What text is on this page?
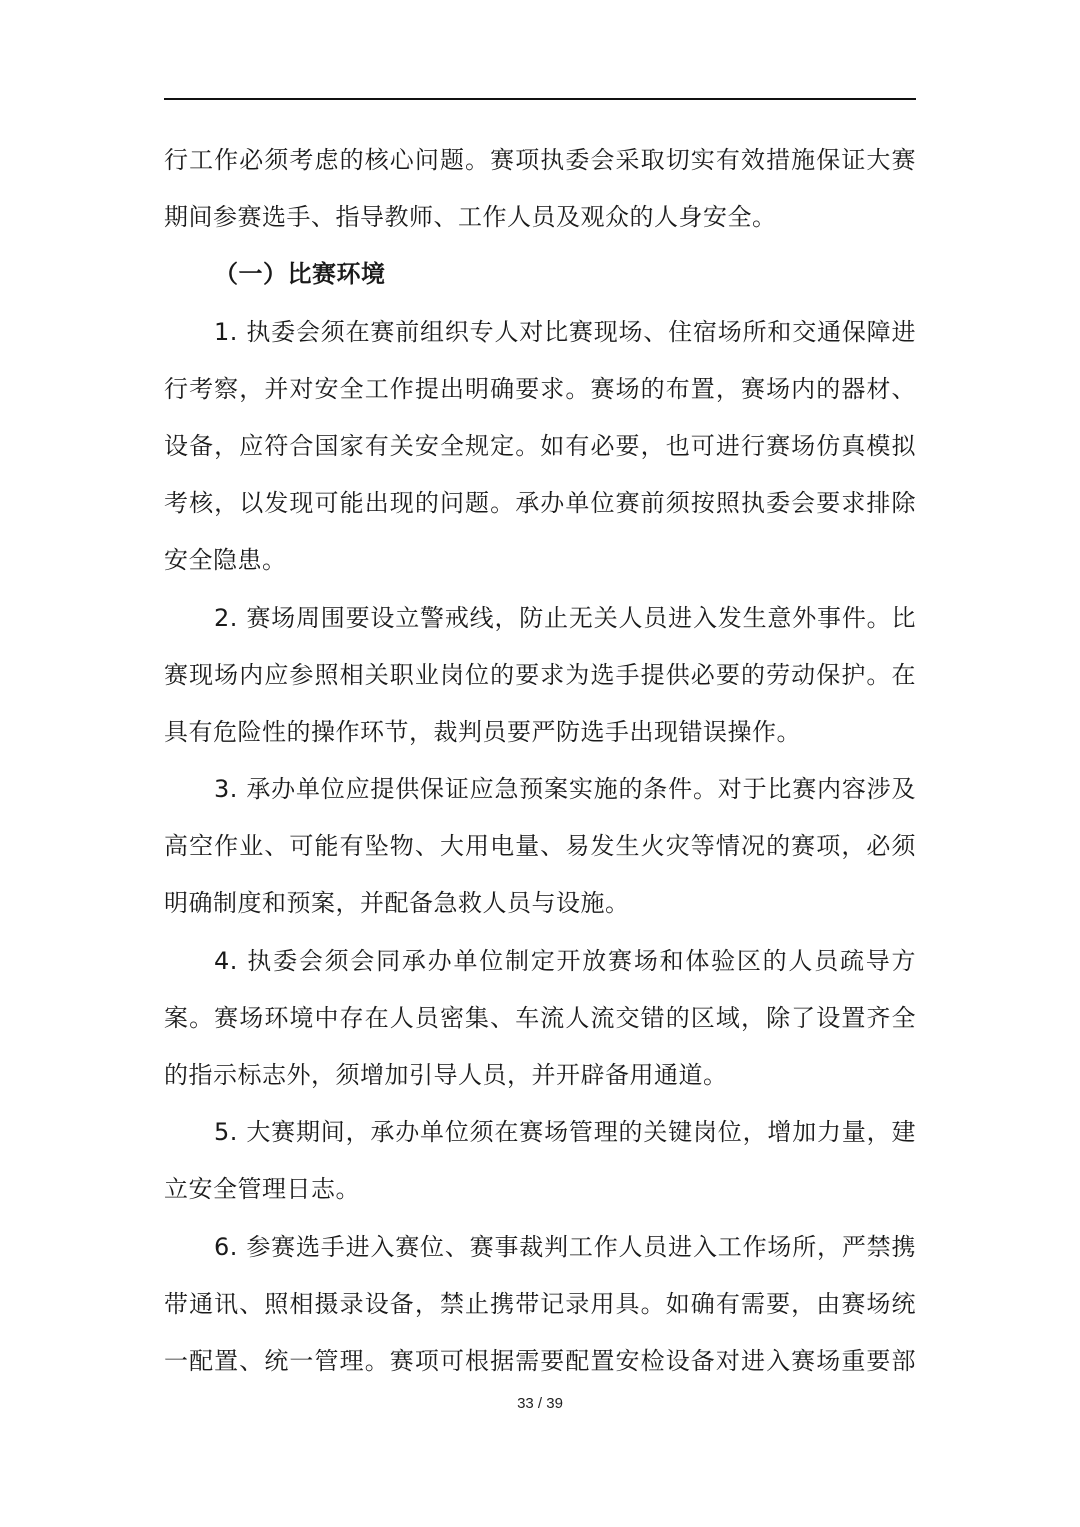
行工作必须考虑的核心问题。赛项执委会采取切实有效措施保证大赛
期间参赛选手、指导教师、工作人员及观众的人身安全。
（一）比赛环境
1. 执委会须在赛前组织专人对比赛现场、住宿场所和交通保障进
行考察，并对安全工作提出明确要求。赛场的布置，赛场内的器材、
设备，应符合国家有关安全规定。如有必要，也可进行赛场仿真模拟
考核，以发现可能出现的问题。承办单位赛前须按照执委会要求排除
安全隐患。
2. 赛场周围要设立警戒线，防止无关人员进入发生意外事件。比
赛现场内应参照相关职业岗位的要求为选手提供必要的劳动保护。在
具有危险性的操作环节，裁判员要严防选手出现错误操作。
3. 承办单位应提供保证应急预案实施的条件。对于比赛内容涉及
高空作业、可能有坠物、大用电量、易发生火灾等情况的赛项，必须
明确制度和预案，并配备急救人员与设施。
4. 执委会须会同承办单位制定开放赛场和体验区的人员疏导方
案。赛场环境中存在人员密集、车流人流交错的区域，除了设置齐全
的指示标志外，须增加引导人员，并开辟备用通道。
5. 大赛期间，承办单位须在赛场管理的关键岗位，增加力量，建
立安全管理日志。
6. 参赛选手进入赛位、赛事裁判工作人员进入工作场所，严禁携
带通讯、照相摄录设备，禁止携带记录用具。如确有需要，由赛场统
一配置、统一管理。赛项可根据需要配置安检设备对进入赛场重要部
33 / 39
